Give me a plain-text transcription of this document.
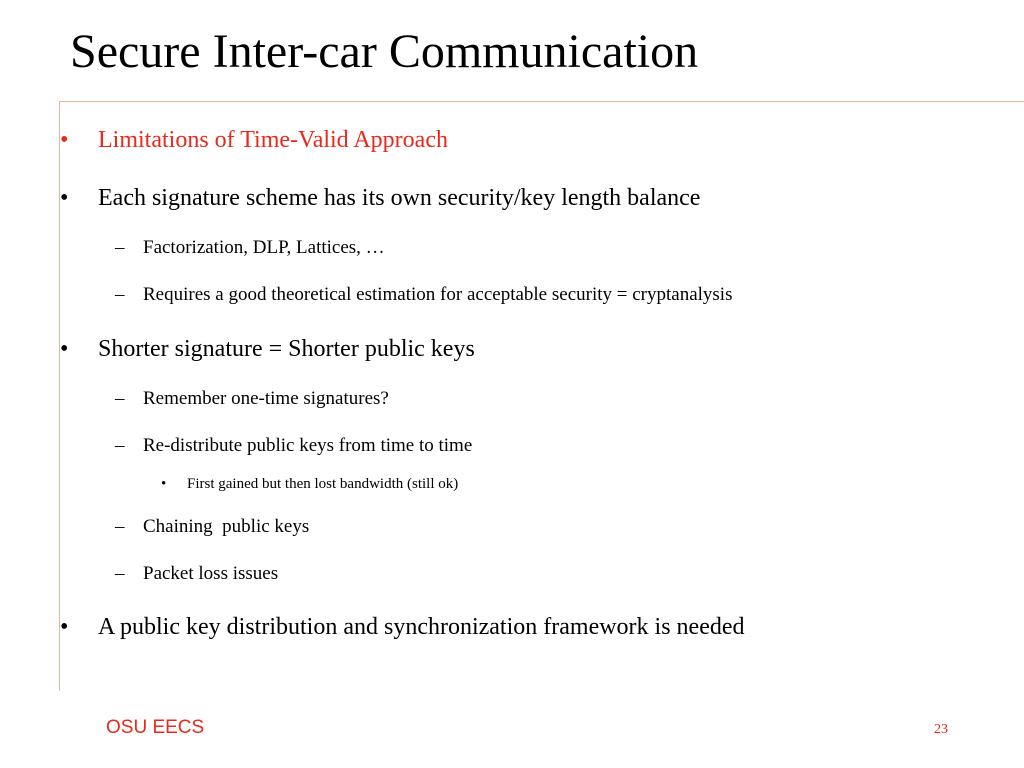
Secure Inter-car Communication
• Limitations of Time-Valid Approach
• Each signature scheme has its own security/key length balance
– Factorization, DLP, Lattices, …
– Requires a good theoretical estimation for acceptable security = cryptanalysis
• Shorter signature = Shorter public keys
– Remember one-time signatures?
– Re-distribute public keys from time to time
• First gained but then lost bandwidth (still ok)
– Chaining  public keys
– Packet loss issues
• A public key distribution and synchronization framework is needed
OSU EECS	23
